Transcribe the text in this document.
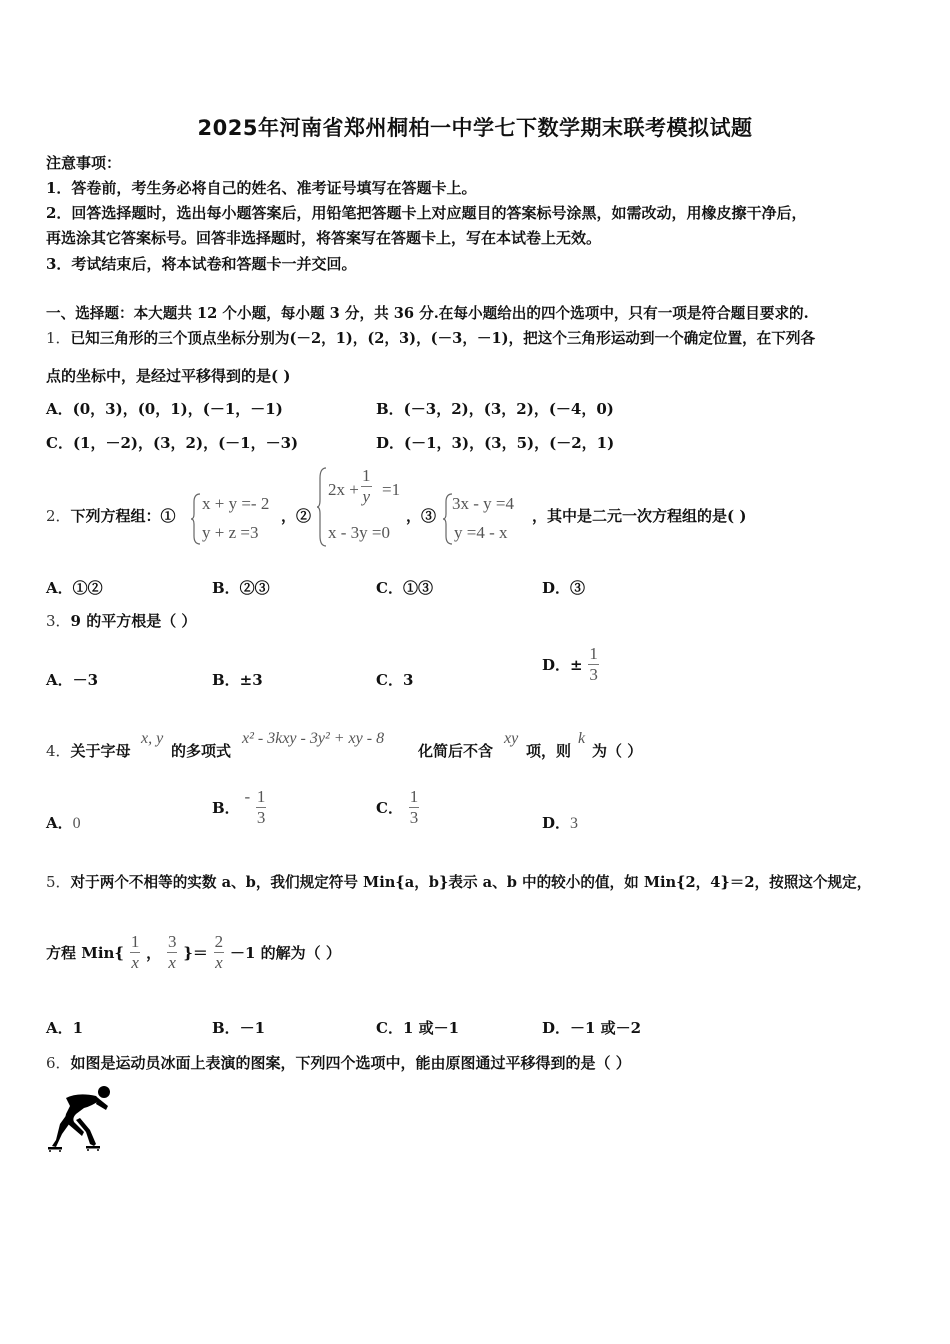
2025年河南省郑州桐柏一中学七下数学期末联考模拟试题
注意事项：
1．答卷前，考生务必将自己的姓名、准考证号填写在答题卡上。
2．回答选择题时，选出每小题答案后，用铅笔把答题卡上对应题目的答案标号涂黑，如需改动，用橡皮擦干净后，
再选涂其它答案标号。回答非选择题时，将答案写在答题卡上，写在本试卷上无效。
3．考试结束后，将本试卷和答题卡一并交回。
一、选择题：本大题共 12 个小题，每小题 3 分，共 36 分.在每小题给出的四个选项中，只有一项是符合题目要求的.
1．已知三角形的三个顶点坐标分别为(－2，1)，(2，3)，(－3，－1)，把这个三角形运动到一个确定位置，在下列各
点的坐标中，是经过平移得到的是( )
A．(0，3)，(0，1)，(－1，－1)	B．(－3，2)，(3，2)，(－4，0)
C．(1，－2)，(3，2)，(－1，－3)	D．(－1，3)，(3，5)，(－2，1)
2．下列方程组：①
x + y =- 2
y + z =3
，②
2x +
1
y =1
x - 3y =0
，③
3x - y =4
y =4 - x
，其中是二元一次方程组的是( )
A．①②	B．②③	C．①③	D．③
3．9 的平方根是（ ）
A．－3	B．±3	C．3
D．± $\frac{1}{3}$
4．关于字母
x, y
的多项式
x² - 3kxy - 3y² + xy - 8
化简后不含
xy
项，则
k
为（ ）
A．0
B． - $\frac{1}{3}$	C． $\frac{1}{3}$	D．3
5．对于两个不相等的实数 a、b，我们规定符号 Min{a，b}表示 a、b 中的较小的值，如 Min{2，4}＝2，按照这个规定，
方程 $Min\{ \frac{1}{x}$ ， $\frac{3}{x}$ }＝ $\frac{2}{x} -1$ 的解为（ ）
A．1	B．－1	C．1 或－1	D．－1 或－2
6．如图是运动员冰面上表演的图案，下列四个选项中，能由原图通过平移得到的是（ ）
